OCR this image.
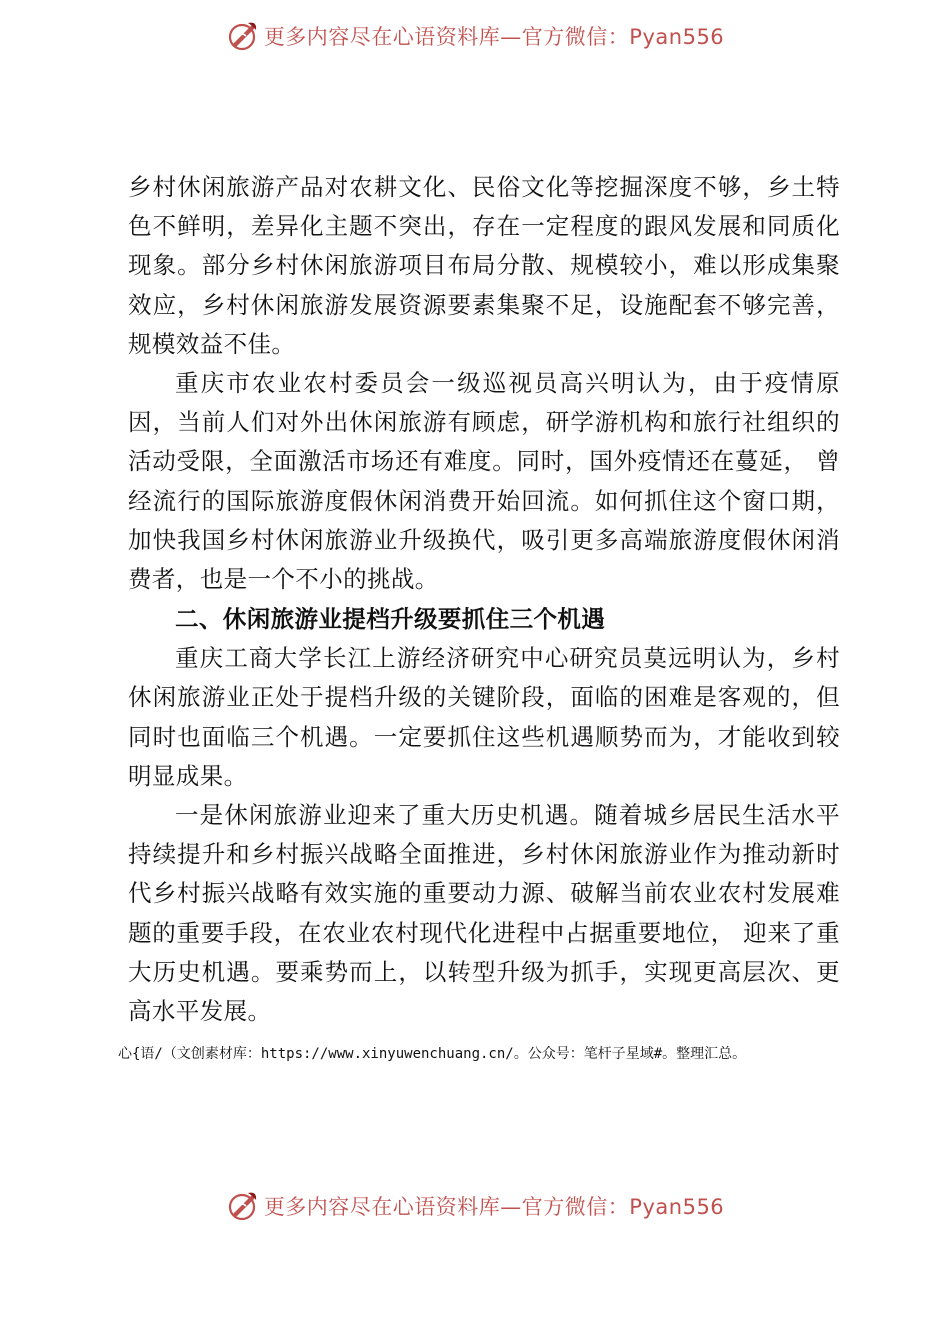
更多内容尽在心语资料库—官方微信：Pyan556

乡村休闲旅游产品对农耕文化、民俗文化等挖掘深度不够，乡土特色不鲜明，差异化主题不突出，存在一定程度的跟风发展和同质化现象。部分乡村休闲旅游项目布局分散、规模较小，难以形成集聚效应，乡村休闲旅游发展资源要素集聚不足，设施配套不够完善，规模效益不佳。

重庆市农业农村委员会一级巡视员高兴明认为，由于疫情原因，当前人们对外出休闲旅游有顾虑，研学游机构和旅行社组织的活动受限，全面激活市场还有难度。同时，国外疫情还在蔓延， 曾经流行的国际旅游度假休闲消费开始回流。如何抓住这个窗口期，加快我国乡村休闲旅游业升级换代，吸引更多高端旅游度假休闲消费者，也是一个不小的挑战。

二、休闲旅游业提档升级要抓住三个机遇

重庆工商大学长江上游经济研究中心研究员莫远明认为，乡村休闲旅游业正处于提档升级的关键阶段，面临的困难是客观的，但同时也面临三个机遇。一定要抓住这些机遇顺势而为，才能收到较明显成果。

一是休闲旅游业迎来了重大历史机遇。随着城乡居民生活水平持续提升和乡村振兴战略全面推进，乡村休闲旅游业作为推动新时代乡村振兴战略有效实施的重要动力源、破解当前农业农村发展难题的重要手段，在农业农村现代化进程中占据重要地位， 迎来了重大历史机遇。要乘势而上，以转型升级为抓手，实现更高层次、更高水平发展。

心{语/（文创素材库：https://www.xinyuwenchuang.cn/。公众号：笔杆子星域#。整理汇总。
更多内容尽在心语资料库—官方微信：Pyan556
